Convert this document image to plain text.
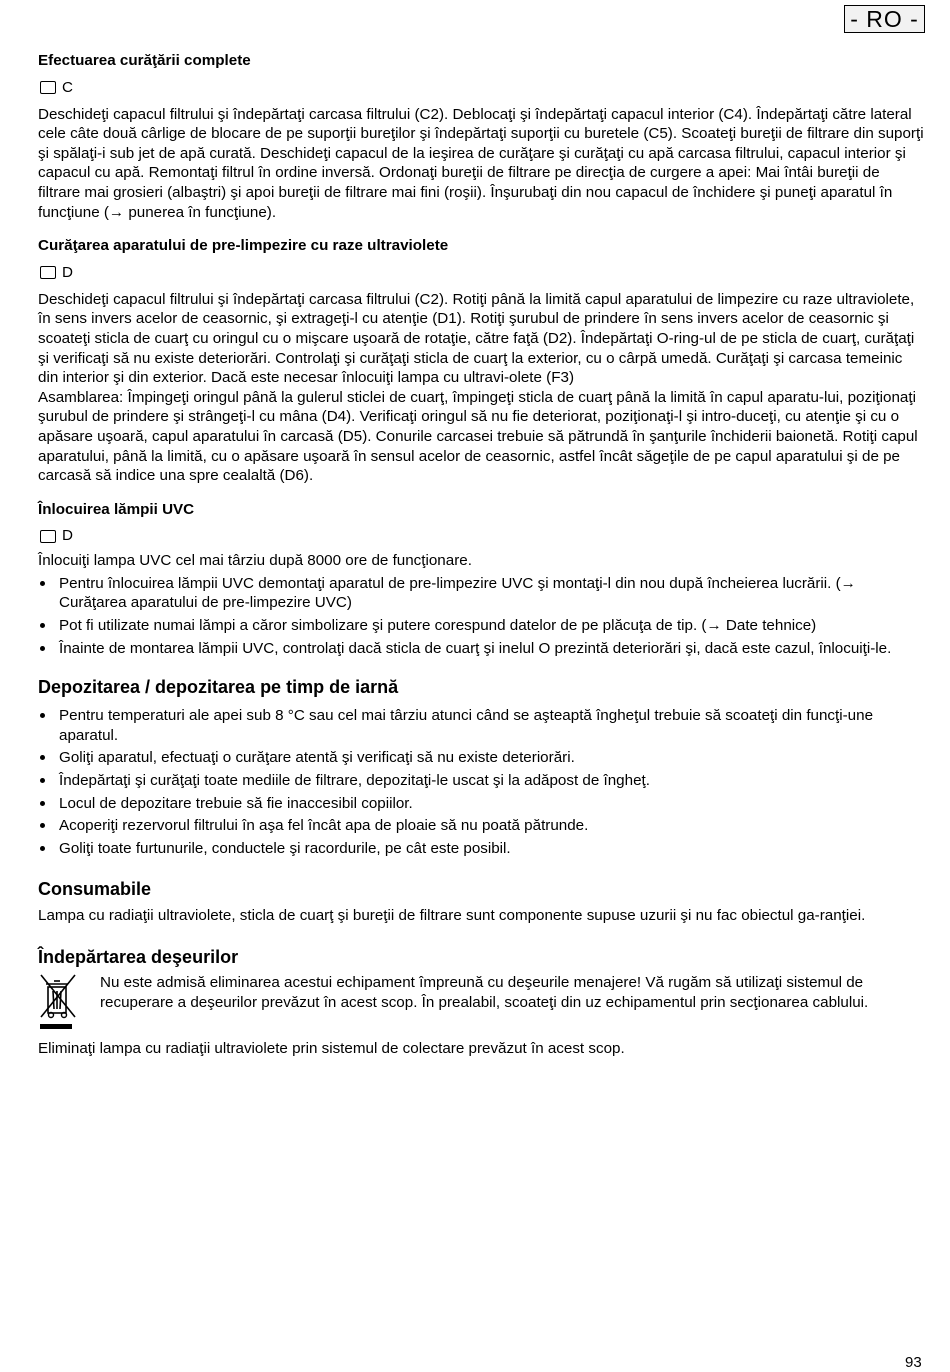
- RO -
Efectuarea curăţării complete
C

Deschideţi capacul filtrului şi îndepărtaţi carcasa filtrului (C2). Deblocaţi şi îndepărtaţi capacul interior (C4). Îndepărtaţi către lateral cele câte două cârlige de blocare de pe suporţii bureţilor şi îndepărtaţi suporţii cu buretele (C5). Scoateţi bureţii de filtrare din suporţi şi spălaţi-i sub jet de apă curată. Deschideţi capacul de la ieşirea de curăţare şi curăţaţi cu apă carcasa filtrului, capacul interior şi capacul cu apă. Remontaţi filtrul în ordine inversă. Ordonaţi bureţii de filtrare pe direcţia de curgere a apei: Mai întâi bureţii de filtrare mai grosieri (albaştri) şi apoi bureţii de filtrare mai fini (roşii). Înşurubaţi din nou capacul de închidere şi puneţi aparatul în funcţiune (→ punerea în funcţiune).

Curăţarea aparatului de pre-limpezire cu raze ultraviolete
D

Deschideţi capacul filtrului şi îndepărtaţi carcasa filtrului (C2). Rotiţi până la limită capul aparatului de limpezire cu raze ultraviolete, în sens invers acelor de ceasornic, şi extrageţi-l cu atenţie (D1). Rotiţi şurubul de prindere în sens invers acelor de ceasornic şi scoateţi sticla de cuarţ cu oringul cu o mişcare uşoară de rotaţie, către faţă (D2). Îndepărtaţi O-ring-ul de pe sticla de cuarţ, curăţaţi şi verificaţi să nu existe deteriorări. Controlaţi şi curăţaţi sticla de cuarţ la exterior, cu o cârpă umedă. Curăţaţi şi carcasa temeinic din interior şi din exterior. Dacă este necesar înlocuiţi lampa cu ultravi-olete (F3)

Asamblarea: Împingeţi oringul până la gulerul sticlei de cuarţ, împingeţi sticla de cuarţ până la limită în capul aparatu-lui, poziţionaţi şurubul de prindere şi strângeţi-l cu mâna (D4). Verificaţi oringul să nu fie deteriorat, poziţionaţi-l şi intro-duceţi, cu atenţie şi cu o apăsare uşoară, capul aparatului în carcasă (D5). Conurile carcasei trebuie să pătrundă în şanţurile închiderii baionetă. Rotiţi capul aparatului, până la limită, cu o apăsare uşoară în sensul acelor de ceasornic, astfel încât săgeţile de pe capul aparatului şi de pe carcasă să indice una spre cealaltă (D6).

Înlocuirea lămpii UVC
D

Înlocuiţi lampa UVC cel mai târziu după 8000 ore de funcţionare.

Pentru înlocuirea lămpii UVC demontaţi aparatul de pre-limpezire UVC şi montaţi-l din nou după încheierea lucrării. (→ Curăţarea aparatului de pre-limpezire UVC)
Pot fi utilizate numai lămpi a căror simbolizare şi putere corespund datelor de pe plăcuţa de tip. (→ Date tehnice)
Înainte de montarea lămpii UVC, controlaţi dacă sticla de cuarţ şi inelul O prezintă deteriorări şi, dacă este cazul, înlocuiţi-le.
Depozitarea / depozitarea pe timp de iarnă
Pentru temperaturi ale apei sub 8 °C sau cel mai târziu atunci când se aşteaptă îngheţul trebuie să scoateţi din funcţi-une aparatul.
Goliţi aparatul, efectuaţi o curăţare atentă şi verificaţi să nu existe deteriorări.
Îndepărtaţi şi curăţaţi toate mediile de filtrare, depozitaţi-le uscat şi la adăpost de îngheţ.
Locul de depozitare trebuie să fie inaccesibil copiilor.
Acoperiţi rezervorul filtrului în aşa fel încât apa de ploaie să nu poată pătrunde.
Goliţi toate furtunurile, conductele şi racordurile, pe cât este posibil.
Consumabile

Lampa cu radiaţii ultraviolete, sticla de cuarţ şi bureţii de filtrare sunt componente supuse uzurii şi nu fac obiectul ga-ranţiei.

Îndepărtarea deşeurilor

Nu este admisă eliminarea acestui echipament împreună cu deşeurile menajere! Vă rugăm să utilizaţi sistemul de recuperare a deşeurilor prevăzut în acest scop. În prealabil, scoateţi din uz echipamentul prin secţionarea cablului.

Eliminaţi lampa cu radiaţii ultraviolete prin sistemul de colectare prevăzut în acest scop.

93
